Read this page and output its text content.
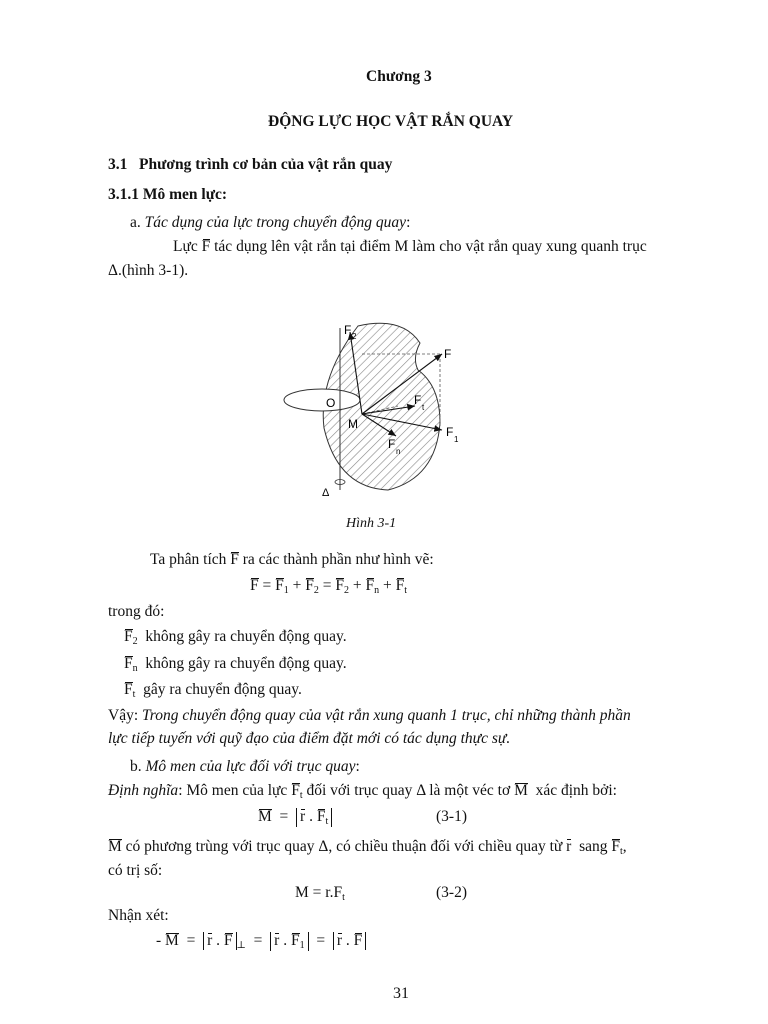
Chương 3
ĐỘNG LỰC HỌC VẬT RẮN QUAY
3.1   Phương trình cơ bản của vật rắn quay
3.1.1 Mô men lực:
a. Tác dụng của lực trong chuyển động quay:
Lực F tác dụng lên vật rắn tại điểm M làm cho vật rắn quay xung quanh trục
Δ.(hình 3-1).
F 2
F
O	F
t
M
F
1
F
n
Δ
Hình 3-1
Ta phân tích F ra các thành phần như hình vẽ:
$F = F_1 + F_2 = F_2 + F_n + F_t$
trong đó:
$F_2$  không gây ra chuyển động quay.
$F_n$  không gây ra chuyển động quay.
$F_t$  gây ra chuyển động quay.
Vậy: Trong chuyển động quay của vật rắn xung quanh 1 trục, chỉ những thành phần
lực tiếp tuyến với quỹ đạo của điểm đặt mới có tác dụng thực sự.
b. Mô men của lực đối với trục quay:
Định nghĩa: Mô men của lực $F_t$ đối với trục quay Δ là một véc tơ M  xác định bởi:
M  =  r . $F_t$	(3-1)
M có phương trùng với trục quay Δ, có chiều thuận đối với chiều quay từ r  sang $F_t$,
có trị số:
$M = r.F_t$	(3-2)
Nhận xét:
- M  =  r . F $_\perp$  =  r . $F_1 = r$ . F
31
